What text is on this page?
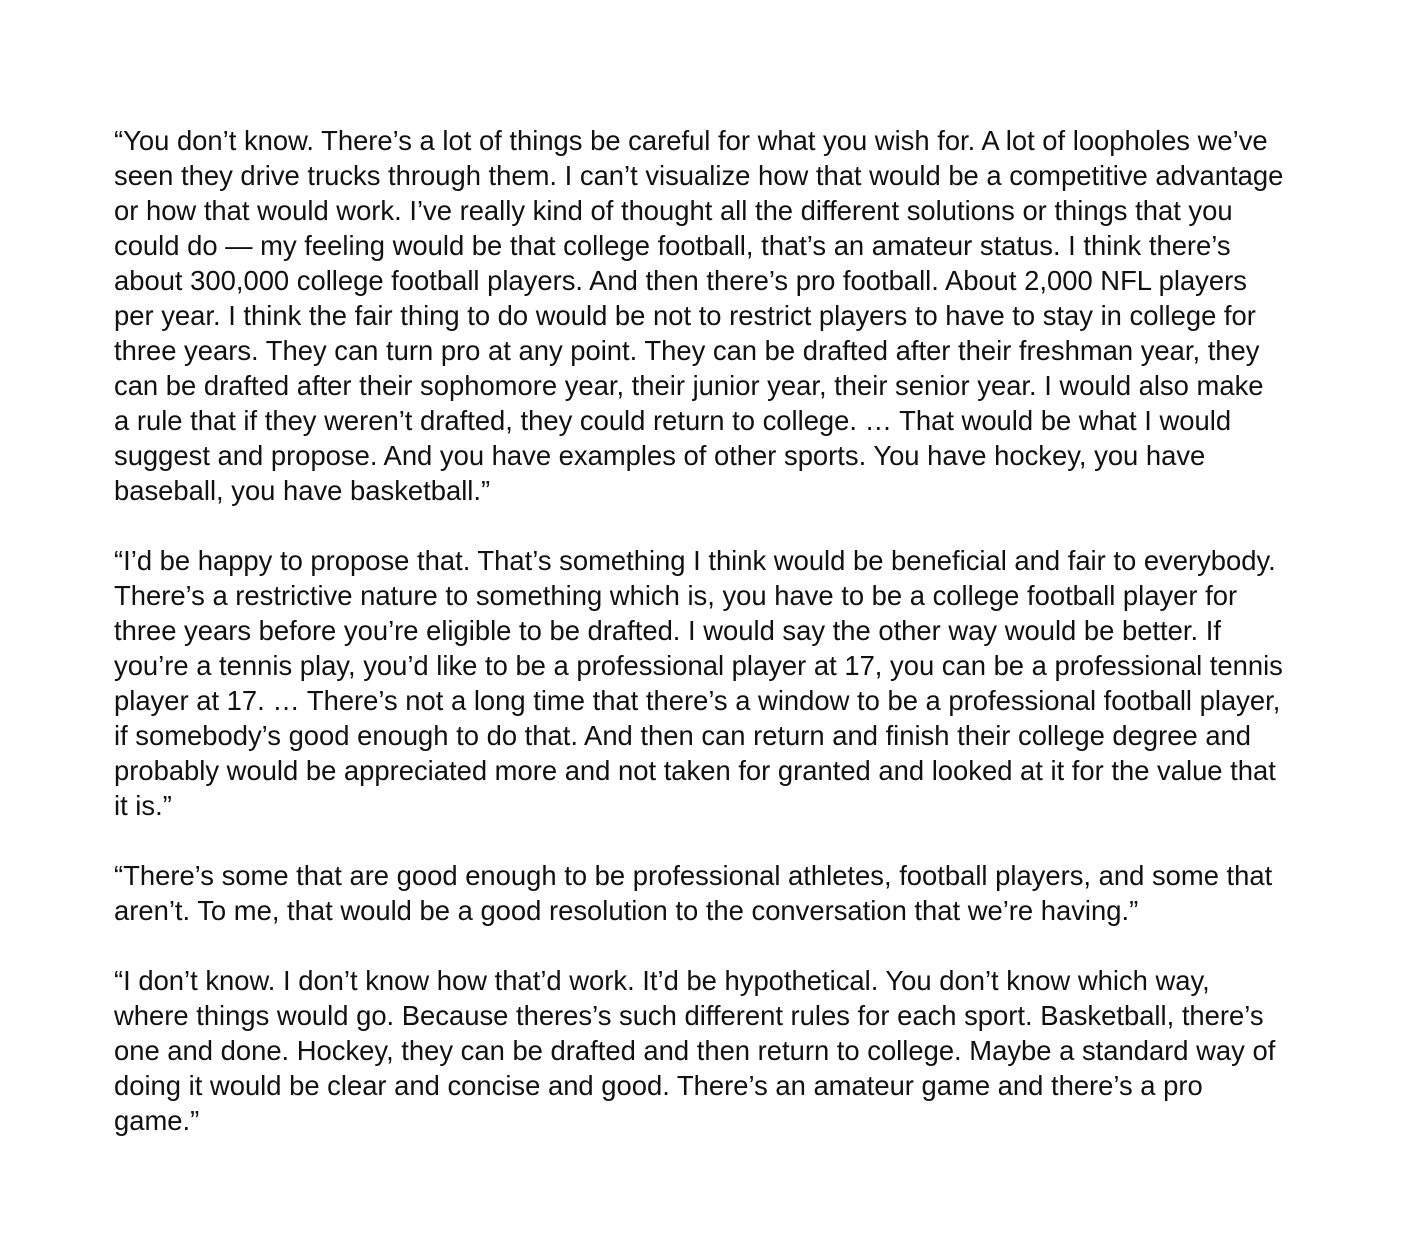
“You don’t know. There’s a lot of things be careful for what you wish for. A lot of loopholes we’ve seen they drive trucks through them. I can’t visualize how that would be a competitive advantage or how that would work. I’ve really kind of thought all the different solutions or things that you could do — my feeling would be that college football, that’s an amateur status. I think there’s about 300,000 college football players. And then there’s pro football. About 2,000 NFL players per year. I think the fair thing to do would be not to restrict players to have to stay in college for three years. They can turn pro at any point. They can be drafted after their freshman year, they can be drafted after their sophomore year, their junior year, their senior year. I would also make a rule that if they weren’t drafted, they could return to college. … That would be what I would suggest and propose. And you have examples of other sports. You have hockey, you have baseball, you have basketball.”

“I’d be happy to propose that. That’s something I think would be beneficial and fair to everybody. There’s a restrictive nature to something which is, you have to be a college football player for three years before you’re eligible to be drafted. I would say the other way would be better. If you’re a tennis play, you’d like to be a professional player at 17, you can be a professional tennis player at 17. … There’s not a long time that there’s a window to be a professional football player, if somebody’s good enough to do that. And then can return and finish their college degree and probably would be appreciated more and not taken for granted and looked at it for the value that it is.”

“There’s some that are good enough to be professional athletes, football players, and some that aren’t. To me, that would be a good resolution to the conversation that we’re having.”

“I don’t know. I don’t know how that’d work. It’d be hypothetical. You don’t know which way, where things would go. Because theres’s such different rules for each sport. Basketball, there’s one and done. Hockey, they can be drafted and then return to college. Maybe a standard way of doing it would be clear and concise and good. There’s an amateur game and there’s a pro game.”
